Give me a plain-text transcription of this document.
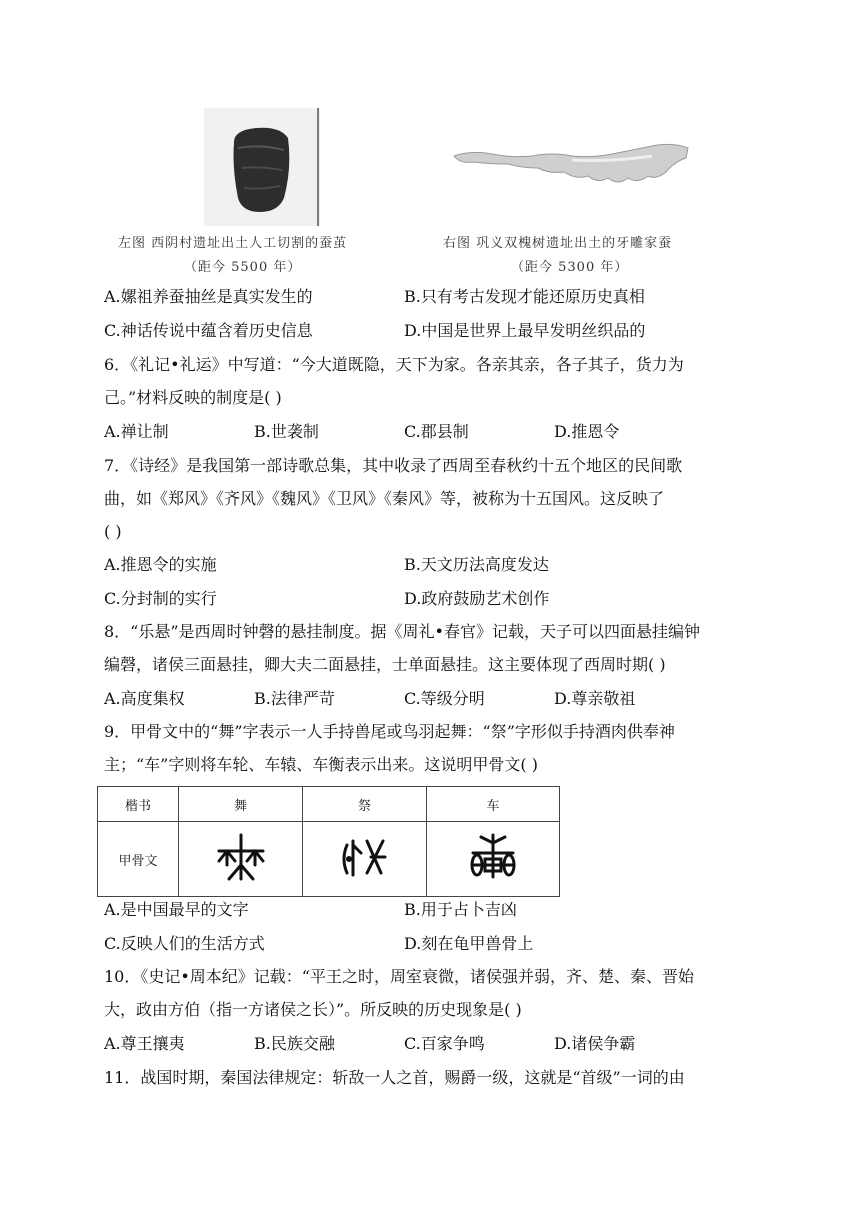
左图 西阴村遗址出土人工切割的蚕茧
（距今 5500 年）
右图 巩义双槐树遗址出土的牙雕家蚕
（距今 5300 年）
A.嫘祖养蚕抽丝是真实发生的	B.只有考古发现才能还原历史真相
C.神话传说中蕴含着历史信息	D.中国是世界上最早发明丝织品的
6．《礼记•礼运》中写道：“今大道既隐，天下为家。各亲其亲，各子其子，货力为
己。”材料反映的制度是( )
A.禅让制	B.世袭制	C.郡县制	D.推恩令
7．《诗经》是我国第一部诗歌总集，其中收录了西周至春秋约十五个地区的民间歌
曲，如《郑风》《齐风》《魏风》《卫风》《秦风》等，被称为十五国风。这反映了
( )
A.推恩令的实施	B.天文历法高度发达
C.分封制的实行	D.政府鼓励艺术创作
8．“乐悬”是西周时钟磬的悬挂制度。据《周礼•春官》记载，天子可以四面悬挂编钟
编磬，诸侯三面悬挂，卿大夫二面悬挂，士单面悬挂。这主要体现了西周时期( )
A.高度集权	B.法律严苛	C.等级分明	D.尊亲敬祖
9．甲骨文中的“舞”字表示一人手持兽尾或鸟羽起舞：“祭”字形似手持酒肉供奉神
主；“车”字则将车轮、车辕、车衡表示出来。这说明甲骨文( )
楷书	舞	祭	车
甲骨文			
A.是中国最早的文字	B.用于占卜吉凶
C.反映人们的生活方式	D.刻在龟甲兽骨上
10．《史记•周本纪》记载：“平王之时，周室衰微，诸侯强并弱，齐、楚、秦、晋始
大，政由方伯（指一方诸侯之长）”。所反映的历史现象是( )
A.尊王攘夷	B.民族交融	C.百家争鸣	D.诸侯争霸
11．战国时期，秦国法律规定：斩敌一人之首，赐爵一级，这就是“首级”一词的由
